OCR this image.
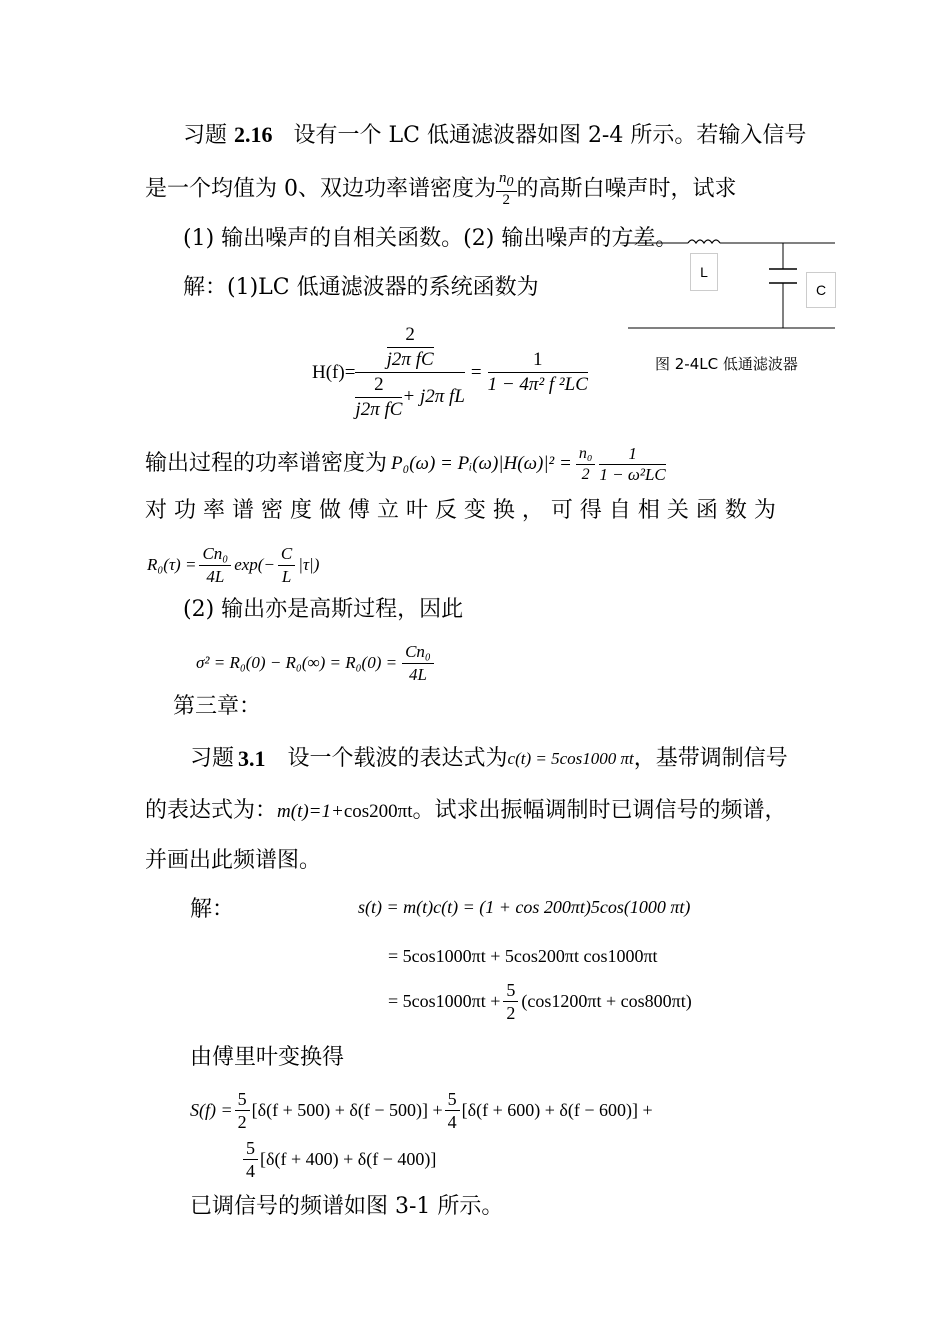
习题 2.16 设有一个 LC 低通滤波器如图 2-4 所示。若输入信号
是一个均值为 0、双边功率谱密度为 $\frac{n_0}{2}$ 的高斯白噪声时，试求
(1) 输出噪声的自相关函数。(2) 输出噪声的方差。
解：(1)LC 低通滤波器的系统函数为
L
C
图 2-4LC 低通滤波器
$H(f)= \frac{\frac{2}{\text{j2π fC}}}{\frac{2}{\text{j2π fC}} + j2\pi fL} = \frac{1}{\text{1 − 4π² f ²LC}}$
输出过程的功率谱密度为 P₀(ω) = Pᵢ(ω)|H(ω)|² = $\frac{\text{n₀}}{2} \frac{1}{\text{1 − ω²LC}}$
对 功 率 谱 密 度 做 傅 立 叶 反 变 换 ， 可 得 自 相 关 函 数 为
$R_0(\tau) = \frac{\text{Cn₀}}{4L} \exp(- \frac{C}{L} |\tau|)$
(2) 输出亦是高斯过程，因此
$\sigma^2 = R_0(0) - R_0(\infty) = R_0(0) = \frac{\text{Cn₀}}{4L}$
第三章：
习题 3.1 设一个载波的表达式为 c(t) = 5cos1000 πt ，基带调制信号
的表达式为：m(t)=1+cos200πt。试求出振幅调制时已调信号的频谱，
并画出此频谱图。
解：	s(t) = m(t)c(t) = (1 + cos 200πt)5cos(1000 πt)
= 5cos1000πt + 5cos200πt cos1000πt
= $5\cos 1000\pi t + \frac{5}{2} (\cos 1200\pi t + \cos 800\pi t)$
由傅里叶变换得
$S(f) = \frac{5}{2} [\delta(f + 500) + \delta(f - 500)] + \frac{5}{4} [\delta(f + 600) + \delta(f - 600)]$ +
$\frac{5}{4} [\delta(f + 400) + \delta(f - 400)]$
已调信号的频谱如图 3-1 所示。
